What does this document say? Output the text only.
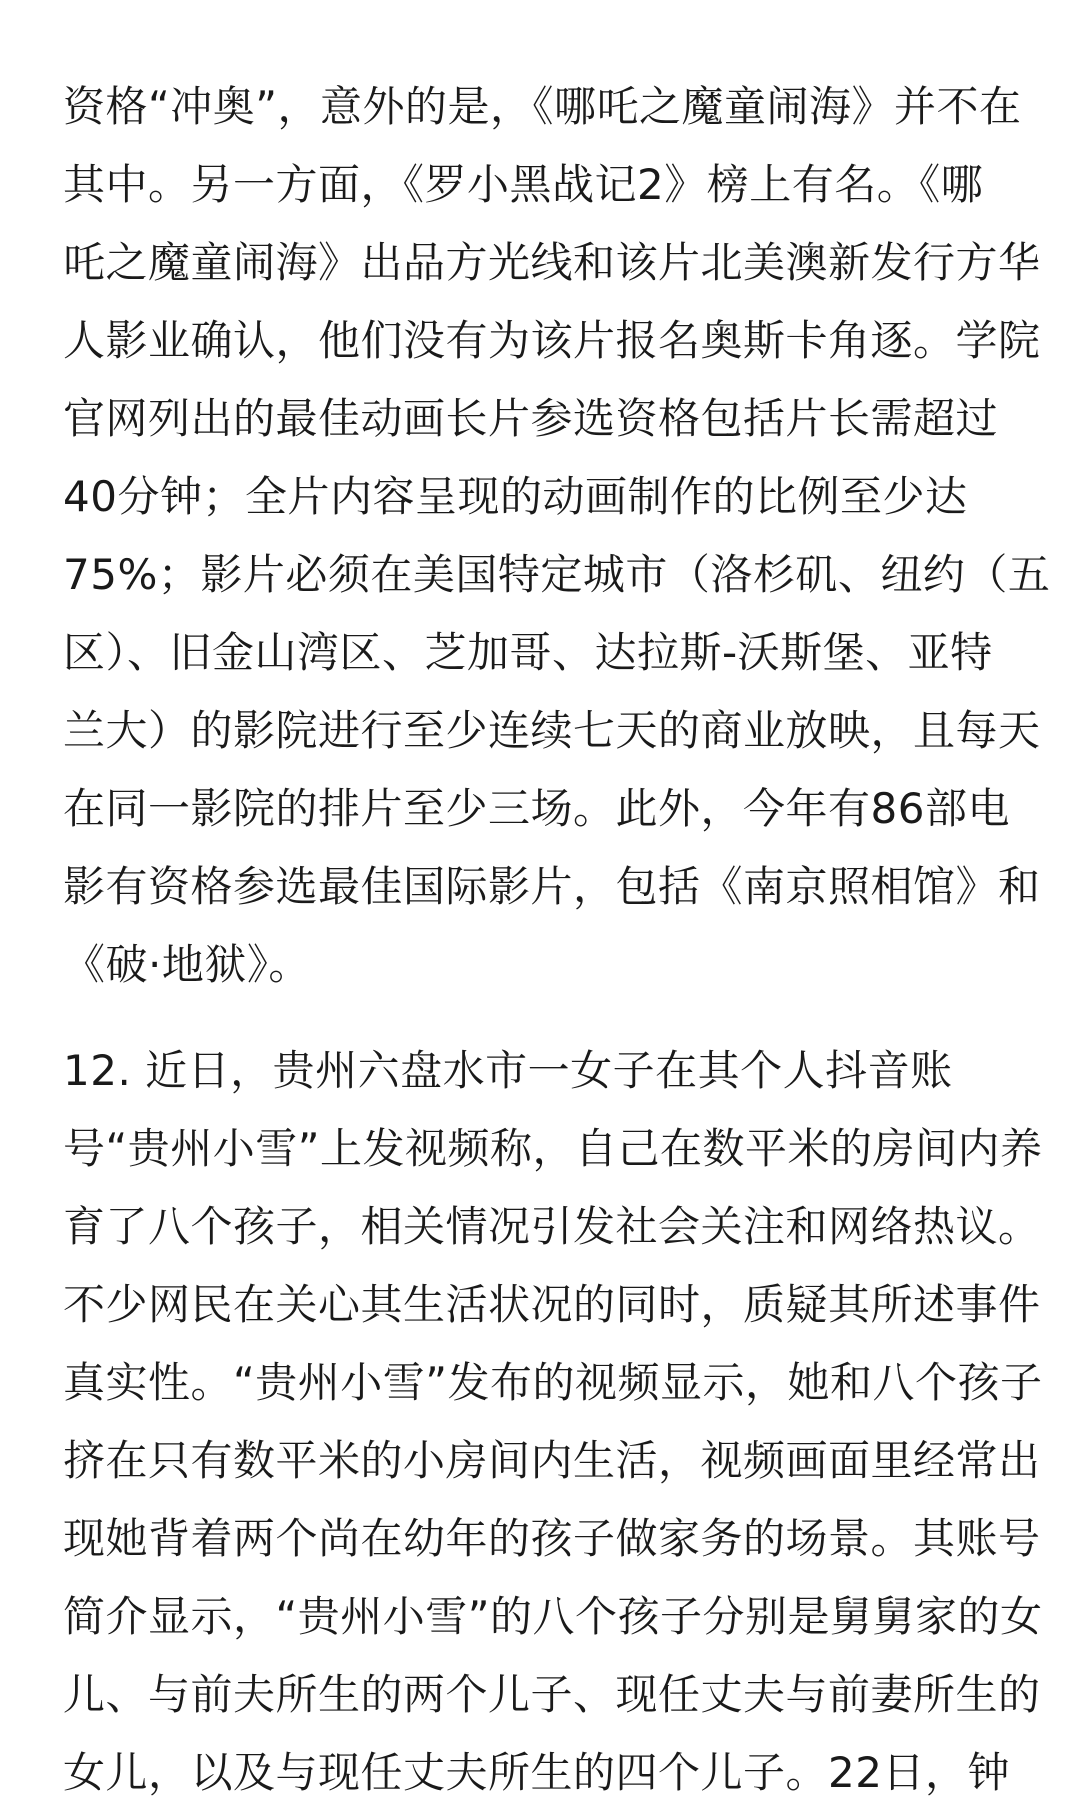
资格“冲奥”，意外的是，《哪吒之魔童闹海》并不在
其中。另一方面，《罗小黑战记2》榜上有名。《哪
吒之魔童闹海》出品方光线和该片北美澳新发行方华
人影业确认，他们没有为该片报名奥斯卡角逐。学院
官网列出的最佳动画长片参选资格包括片长需超过
40分钟；全片内容呈现的动画制作的比例至少达
75%；影片必须在美国特定城市（洛杉矶、纽约（五
区）、旧金山湾区、芝加哥、达拉斯-沃斯堡、亚特
兰大）的影院进行至少连续七天的商业放映，且每天
在同一影院的排片至少三场。此外，今年有86部电
影有资格参选最佳国际影片，包括《南京照相馆》和
《破·地狱》。
12. 近日，贵州六盘水市一女子在其个人抖音账
号“贵州小雪”上发视频称，自己在数平米的房间内养
育了八个孩子，相关情况引发社会关注和网络热议。
不少网民在关心其生活状况的同时，质疑其所述事件
真实性。“贵州小雪”发布的视频显示，她和八个孩子
挤在只有数平米的小房间内生活，视频画面里经常出
现她背着两个尚在幼年的孩子做家务的场景。其账号
简介显示，“贵州小雪”的八个孩子分别是舅舅家的女
儿、与前夫所生的两个儿子、现任丈夫与前妻所生的
女儿，以及与现任丈夫所生的四个儿子。22日，钟
